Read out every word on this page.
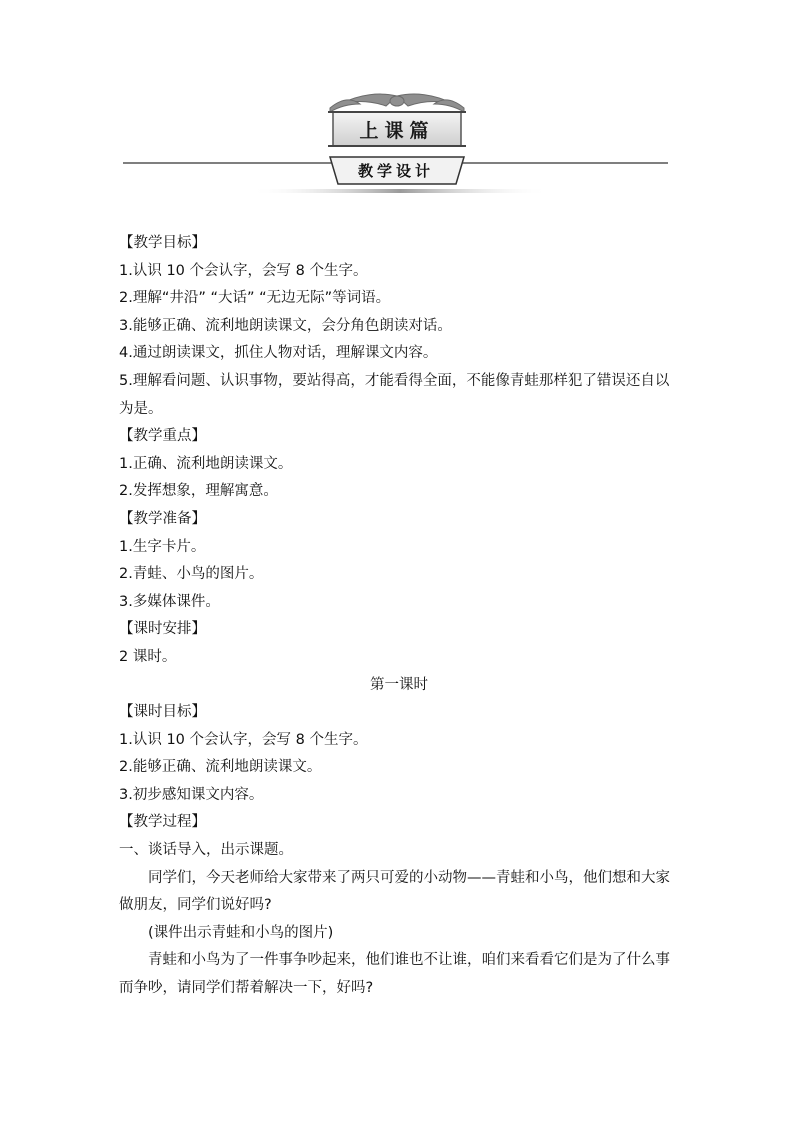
上课篇
教学设计
【教学目标】
1.认识 10 个会认字，会写 8 个生字。
2.理解“井沿” “大话” “无边无际”等词语。
3.能够正确、流利地朗读课文，会分角色朗读对话。
4.通过朗读课文，抓住人物对话，理解课文内容。
5.理解看问题、认识事物，要站得高，才能看得全面，不能像青蛙那样犯了错误还自以为是。
【教学重点】
1.正确、流利地朗读课文。
2.发挥想象，理解寓意。
【教学准备】
1.生字卡片。
2.青蛙、小鸟的图片。
3.多媒体课件。
【课时安排】
2 课时。
第一课时
【课时目标】
1.认识 10 个会认字，会写 8 个生字。
2.能够正确、流利地朗读课文。
3.初步感知课文内容。
【教学过程】
一、谈话导入，出示课题。
同学们，今天老师给大家带来了两只可爱的小动物——青蛙和小鸟，他们想和大家做朋友，同学们说好吗?
(课件出示青蛙和小鸟的图片)
青蛙和小鸟为了一件事争吵起来，他们谁也不让谁，咱们来看看它们是为了什么事而争吵，请同学们帮着解决一下，好吗?
